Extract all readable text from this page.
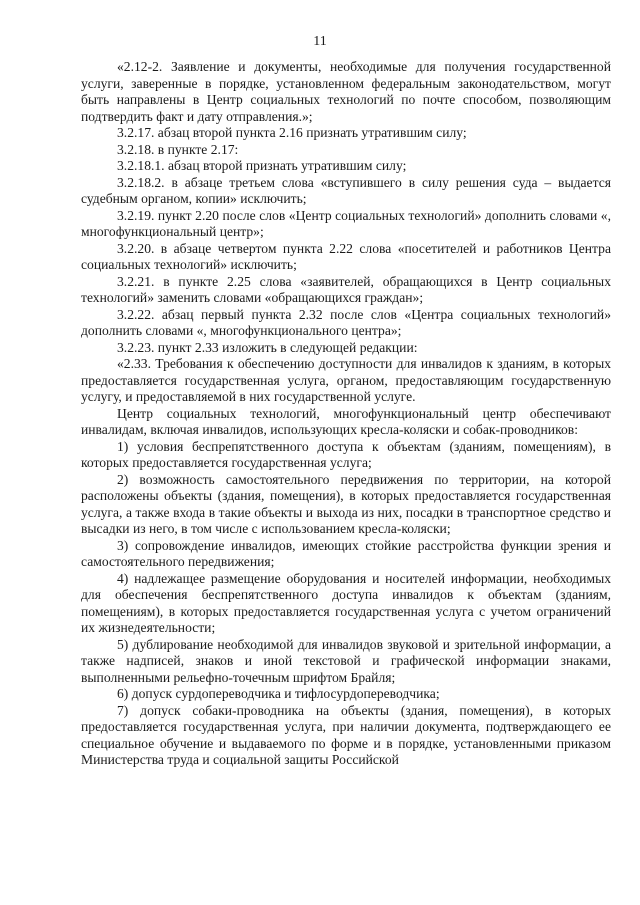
11

«2.12-2. Заявление и документы, необходимые для получения государственной услуги, заверенные в порядке, установленном федеральным законодательством, могут быть направлены в Центр социальных технологий по почте способом, позволяющим подтвердить факт и дату отправления.»;

3.2.17. абзац второй пункта 2.16 признать утратившим силу;

3.2.18. в пункте 2.17:

3.2.18.1. абзац второй признать утратившим силу;

3.2.18.2. в абзаце третьем слова «вступившего в силу решения суда – выдается судебным органом, копии» исключить;

3.2.19. пункт 2.20 после слов «Центр социальных технологий» дополнить словами «, многофункциональный центр»;

3.2.20. в абзаце четвертом пункта 2.22 слова «посетителей и работников Центра социальных технологий» исключить;

3.2.21. в пункте 2.25 слова «заявителей, обращающихся в Центр социальных технологий» заменить словами «обращающихся граждан»;

3.2.22. абзац первый пункта 2.32 после слов «Центра социальных технологий» дополнить словами «, многофункционального центра»;

3.2.23. пункт 2.33 изложить в следующей редакции:

«2.33. Требования к обеспечению доступности для инвалидов к зданиям, в которых предоставляется государственная услуга, органом, предоставляющим государственную услугу, и предоставляемой в них государственной услуге.

Центр социальных технологий, многофункциональный центр обеспечивают инвалидам, включая инвалидов, использующих кресла-коляски и собак-проводников:

1) условия беспрепятственного доступа к объектам (зданиям, помещениям), в которых предоставляется государственная услуга;

2) возможность самостоятельного передвижения по территории, на которой расположены объекты (здания, помещения), в которых предоставляется государственная услуга, а также входа в такие объекты и выхода из них, посадки в транспортное средство и высадки из него, в том числе с использованием кресла-коляски;

3) сопровождение инвалидов, имеющих стойкие расстройства функции зрения и самостоятельного передвижения;

4) надлежащее размещение оборудования и носителей информации, необходимых для обеспечения беспрепятственного доступа инвалидов к объектам (зданиям, помещениям), в которых предоставляется государственная услуга с учетом ограничений их жизнедеятельности;

5) дублирование необходимой для инвалидов звуковой и зрительной информации, а также надписей, знаков и иной текстовой и графической информации знаками, выполненными рельефно-точечным шрифтом Брайля;

6) допуск сурдопереводчика и тифлосурдопереводчика;

7) допуск собаки-проводника на объекты (здания, помещения), в которых предоставляется государственная услуга, при наличии документа, подтверждающего ее специальное обучение и выдаваемого по форме и в порядке, установленными приказом Министерства труда и социальной защиты Российской
